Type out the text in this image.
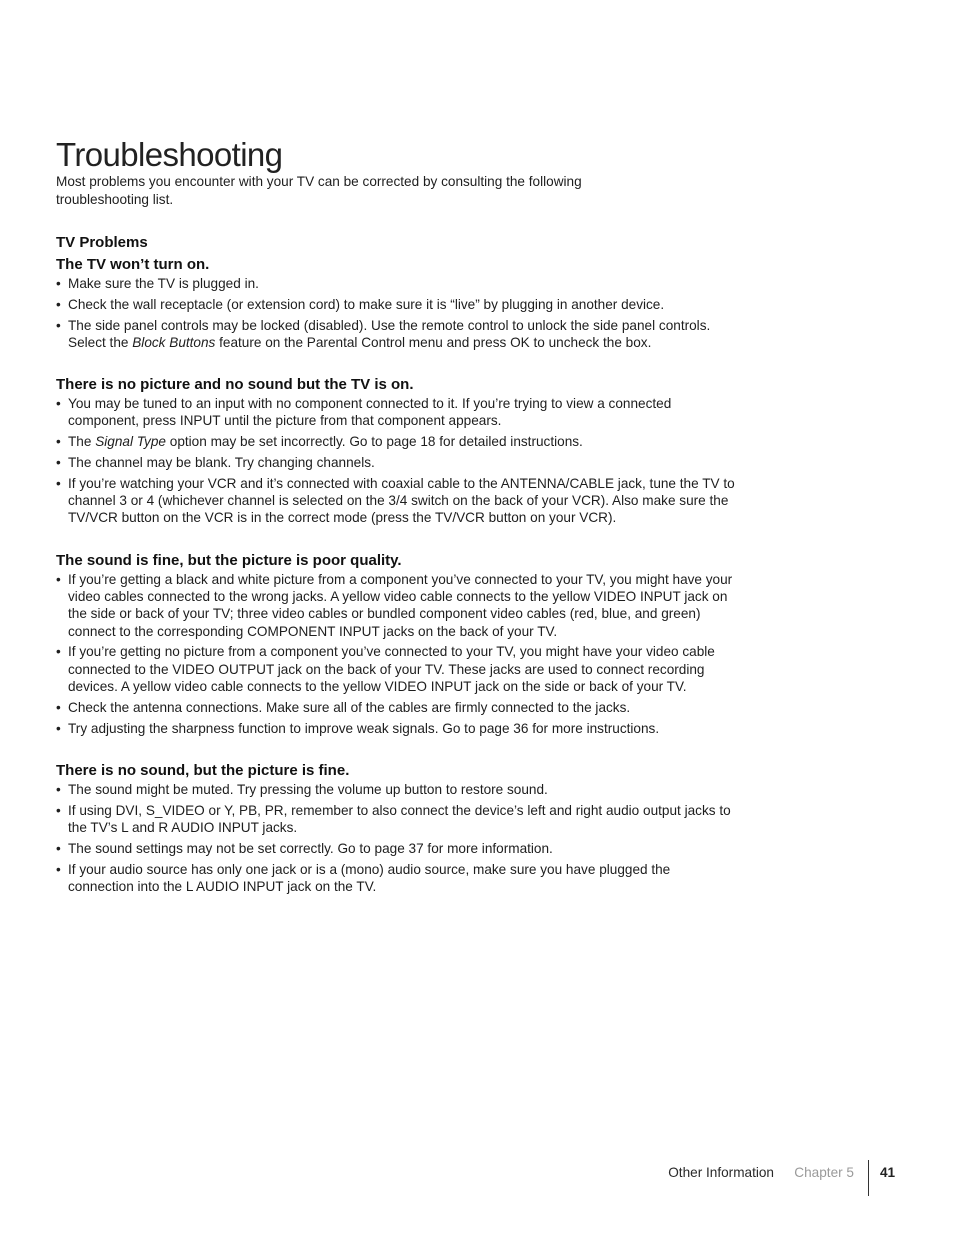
Troubleshooting

Most problems you encounter with your TV can be corrected by consulting the following troubleshooting list.

TV Problems
The TV won’t turn on.
• Make sure the TV is plugged in.
• Check the wall receptacle (or extension cord) to make sure it is “live” by plugging in another device.
• The side panel controls may be locked (disabled). Use the remote control to unlock the side panel controls. Select the Block Buttons feature on the Parental Control menu and press OK to uncheck the box.
There is no picture and no sound but the TV is on.
• You may be tuned to an input with no component connected to it. If you’re trying to view a connected component, press INPUT until the picture from that component appears.
• The Signal Type option may be set incorrectly. Go to page 18 for detailed instructions.
• The channel may be blank. Try changing channels.
• If you’re watching your VCR and it’s connected with coaxial cable to the ANTENNA/CABLE jack, tune the TV to channel 3 or 4 (whichever channel is selected on the 3/4 switch on the back of your VCR). Also make sure the TV/VCR button on the VCR is in the correct mode (press the TV/VCR button on your VCR).
The sound is fine, but the picture is poor quality.
• If you’re getting a black and white picture from a component you’ve connected to your TV, you might have your video cables connected to the wrong jacks. A yellow video cable connects to the yellow VIDEO INPUT jack on the side or back of your TV; three video cables or bundled component video cables (red, blue, and green) connect to the corresponding COMPONENT INPUT jacks on the back of your TV.
• If you’re getting no picture from a component you’ve connected to your TV, you might have your video cable connected to the VIDEO OUTPUT jack on the back of your TV. These jacks are used to connect recording devices. A yellow video cable connects to the yellow VIDEO INPUT jack on the side or back of your TV.
• Check the antenna connections. Make sure all of the cables are firmly connected to the jacks.
• Try adjusting the sharpness function to improve weak signals. Go to page 36 for more instructions.
There is no sound, but the picture is fine.
• The sound might be muted. Try pressing the volume up button to restore sound.
• If using DVI, S_VIDEO or Y, PB, PR, remember to also connect the device’s left and right audio output jacks to the TV’s L and R AUDIO INPUT jacks.
• The sound settings may not be set correctly. Go to page 37 for more information.
• If your audio source has only one jack or is a (mono) audio source, make sure you have plugged the connection into the L AUDIO INPUT jack on the TV.
Other Information Chapter 5 41
